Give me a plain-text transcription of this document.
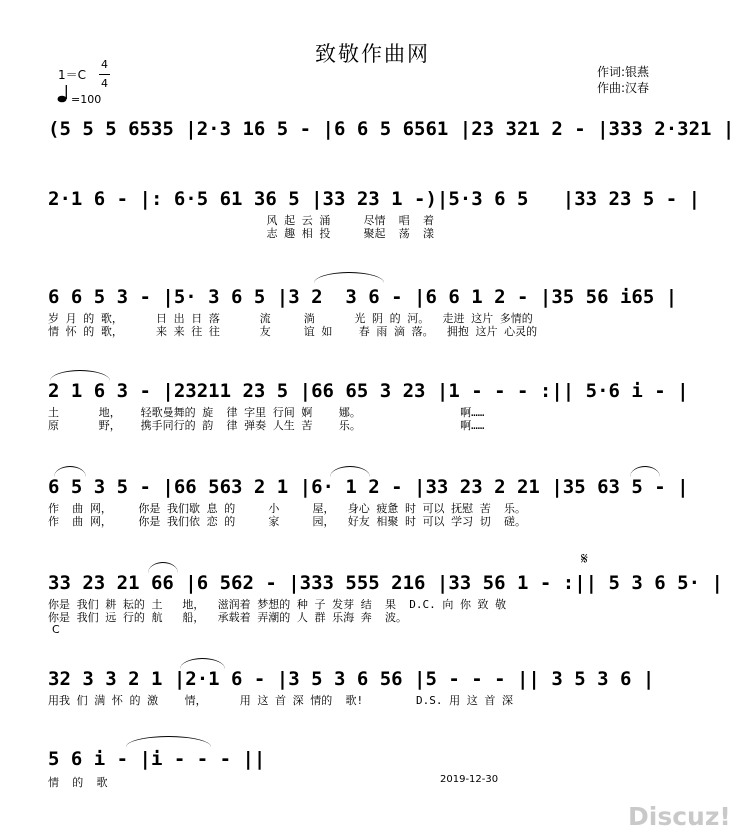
致敬作曲网
1＝C
4
4
=100
作词:银燕
作曲:汉春
(5 5 5 6535 |2·3 16 5 - |6 6 5 6561 |23 321 2 - |333 2·321 |
2·1 6 - |: 6·5 61 36 5 |33 23 1 -)|5·3 6 5   |33 23 5 - |
风 起 云 涌     尽情  唱  着
志 趣 相 投     聚起  荡  漾
6 6 5 3 - |5· 3 6 5 |3 2  3 6 - |6 6 1 2 - |35 56 i65 |
岁 月 的 歌，     日 出 日 落      流     淌      光 阴 的 河。  走进 这片 多情的
情 怀 的 歌，     来 来 往 往      友     谊 如    春 雨 滴 落。  拥抱 这片 心灵的
2 1 6 3 - |23211 23 5 |66 65 3 23 |1 - - - :|| 5·6 i - |
土      地，   轻歌曼舞的 旋  律 字里 行间 婀    娜。               啊……
原      野，   携手同行的 韵  律 弹奏 人生 苦    乐。               啊……
6 5 3 5 - |66 563 2 1 |6· 1 2 - |33 23 2 21 |35 63 5 - |
作  曲 网，    你是 我们歇 息 的     小     屋，  身心 疲惫 时 可以 抚慰 苦  乐。
作  曲 网，    你是 我们依 恋 的     家     园，  好友 相聚 时 可以 学习 切  磋。
𝄋
33 23 21 66 |6 562 - |333 555 216 |33 56 1 - :|| 5 3 6 5· |
你是 我们 耕 耘的 土   地，  滋润着 梦想的 种 子 发芽 结  果  D.C. 向 你 致 敬
你是 我们 远 行的 航   船，  承载着 弄潮的 人 群 乐海 奔  波。
C
32 3 3 2 1 |2·1 6 - |3 5 3 6 56 |5 - - - || 3 5 3 6 |
用我 们 满 怀 的 激    情，     用 这 首 深 情的  歌!        D.S. 用 这 首 深
5 6 i - |i - - - ||
情  的  歌	2019-12-30
Discuz!
